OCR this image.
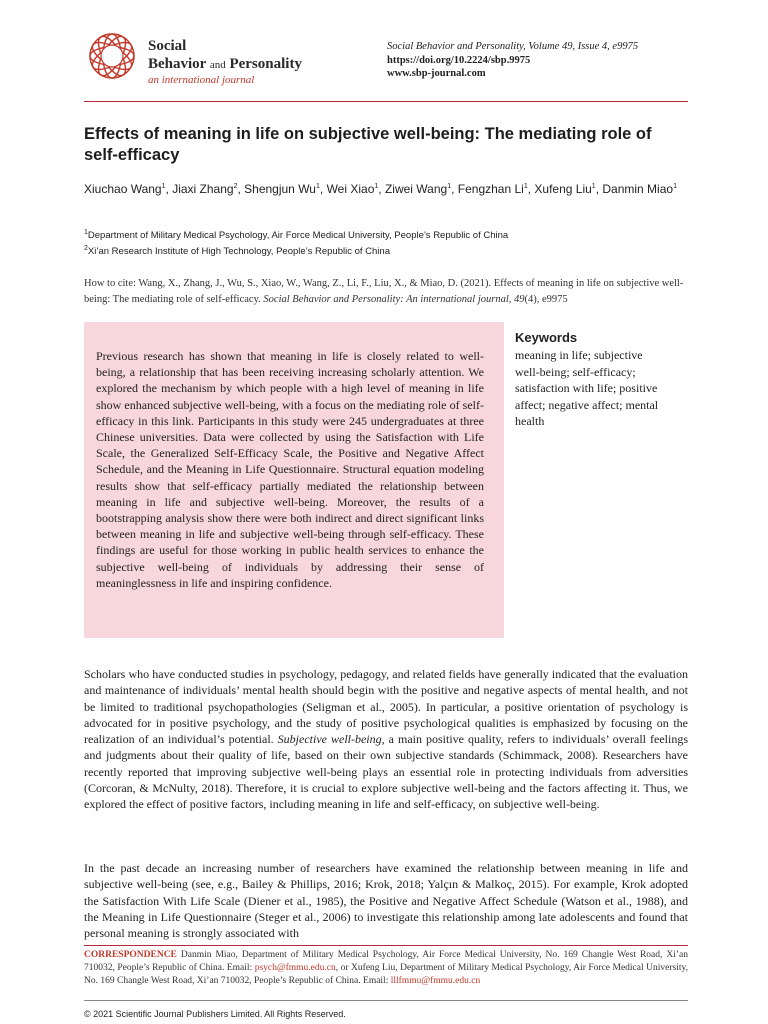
Social
Behavior and Personality
an international journal
Social Behavior and Personality, Volume 49, Issue 4, e9975
https://doi.org/10.2224/sbp.9975
www.sbp-journal.com
Effects of meaning in life on subjective well-being: The mediating role of self-efficacy
Xiuchao Wang$^1$, Jiaxi Zhang$^2$, Shengjun Wu$^1$, Wei Xiao$^1$, Ziwei Wang$^1$, Fengzhan Li$^1$, Xufeng Liu$^1$, Danmin Miao$^1$
$^1$Department of Military Medical Psychology, Air Force Medical University, People’s Republic of China
$^2$Xi’an Research Institute of High Technology, People’s Republic of China
How to cite: Wang, X., Zhang, J., Wu, S., Xiao, W., Wang, Z., Li, F., Liu, X., & Miao, D. (2021). Effects of meaning in life on subjective well-being: The mediating role of self-efficacy. Social Behavior and Personality: An international journal, 49(4), e9975

Previous research has shown that meaning in life is closely related to well-being, a relationship that has been receiving increasing scholarly attention. We explored the mechanism by which people with a high level of meaning in life show enhanced subjective well-being, with a focus on the mediating role of self-efficacy in this link. Participants in this study were 245 undergraduates at three Chinese universities. Data were collected by using the Satisfaction with Life Scale, the Generalized Self-Efficacy Scale, the Positive and Negative Affect Schedule, and the Meaning in Life Questionnaire. Structural equation modeling results show that self-efficacy partially mediated the relationship between meaning in life and subjective well-being. Moreover, the results of a bootstrapping analysis show there were both indirect and direct significant links between meaning in life and subjective well-being through self-efficacy. These findings are useful for those working in public health services to enhance the subjective well-being of individuals by addressing their sense of meaninglessness in life and inspiring confidence.

Keywords
meaning in life; subjective well-being; self-efficacy; satisfaction with life; positive affect; negative affect; mental health

Scholars who have conducted studies in psychology, pedagogy, and related fields have generally indicated that the evaluation and maintenance of individuals’ mental health should begin with the positive and negative aspects of mental health, and not be limited to traditional psychopathologies (Seligman et al., 2005). In particular, a positive orientation of psychology is advocated for in positive psychology, and the study of positive psychological qualities is emphasized by focusing on the realization of an individual’s potential. Subjective well-being, a main positive quality, refers to individuals’ overall feelings and judgments about their quality of life, based on their own subjective standards (Schimmack, 2008). Researchers have recently reported that improving subjective well-being plays an essential role in protecting individuals from adversities (Corcoran, & McNulty, 2018). Therefore, it is crucial to explore subjective well-being and the factors affecting it. Thus, we explored the effect of positive factors, including meaning in life and self-efficacy, on subjective well-being.

In the past decade an increasing number of researchers have examined the relationship between meaning in life and subjective well-being (see, e.g., Bailey & Phillips, 2016; Krok, 2018; Yalçın & Malkoç, 2015). For example, Krok adopted the Satisfaction With Life Scale (Diener et al., 1985), the Positive and Negative Affect Schedule (Watson et al., 1988), and the Meaning in Life Questionnaire (Steger et al., 2006) to investigate this relationship among late adolescents and found that personal meaning is strongly associated with

CORRESPONDENCE Danmin Miao, Department of Military Medical Psychology, Air Force Medical University, No. 169 Changle West Road, Xi’an 710032, People’s Republic of China. Email: psych@fmmu.edu.cn, or Xufeng Liu, Department of Military Medical Psychology, Air Force Medical University, No. 169 Changle West Road, Xi’an 710032, People’s Republic of China. Email: lllfmmu@fmmu.edu.cn
© 2021 Scientific Journal Publishers Limited. All Rights Reserved.
